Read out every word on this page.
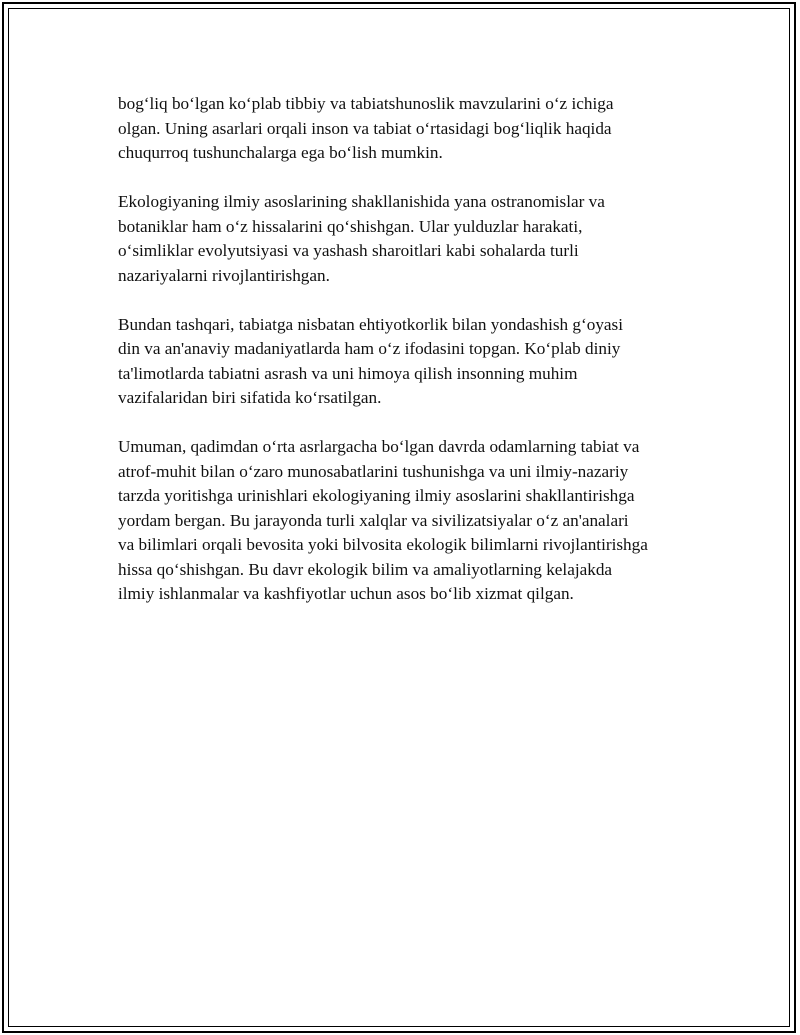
bog‘liq bo‘lgan ko‘plab tibbiy va tabiatshunoslik mavzularini o‘z ichiga
olgan. Uning asarlari orqali inson va tabiat o‘rtasidagi bog‘liqlik haqida
chuqurroq tushunchalarga ega bo‘lish mumkin.

Ekologiyaning ilmiy asoslarining shakllanishida yana ostranomislar va
botaniklar ham o‘z hissalarini qo‘shishgan. Ular yulduzlar harakati,
o‘simliklar evolyutsiyasi va yashash sharoitlari kabi sohalarda turli
nazariyalarni rivojlantirishgan.

Bundan tashqari, tabiatga nisbatan ehtiyotkorlik bilan yondashish g‘oyasi
din va an'anaviy madaniyatlarda ham o‘z ifodasini topgan. Ko‘plab diniy
ta'limotlarda tabiatni asrash va uni himoya qilish insonning muhim
vazifalaridan biri sifatida ko‘rsatilgan.

Umuman, qadimdan o‘rta asrlargacha bo‘lgan davrda odamlarning tabiat va
atrof-muhit bilan o‘zaro munosabatlarini tushunishga va uni ilmiy-nazariy
tarzda yoritishga urinishlari ekologiyaning ilmiy asoslarini shakllantirishga
yordam bergan. Bu jarayonda turli xalqlar va sivilizatsiyalar o‘z an'analari
va bilimlari orqali bevosita yoki bilvosita ekologik bilimlarni rivojlantirishga
hissa qo‘shishgan. Bu davr ekologik bilim va amaliyotlarning kelajakda
ilmiy ishlanmalar va kashfiyotlar uchun asos bo‘lib xizmat qilgan.
